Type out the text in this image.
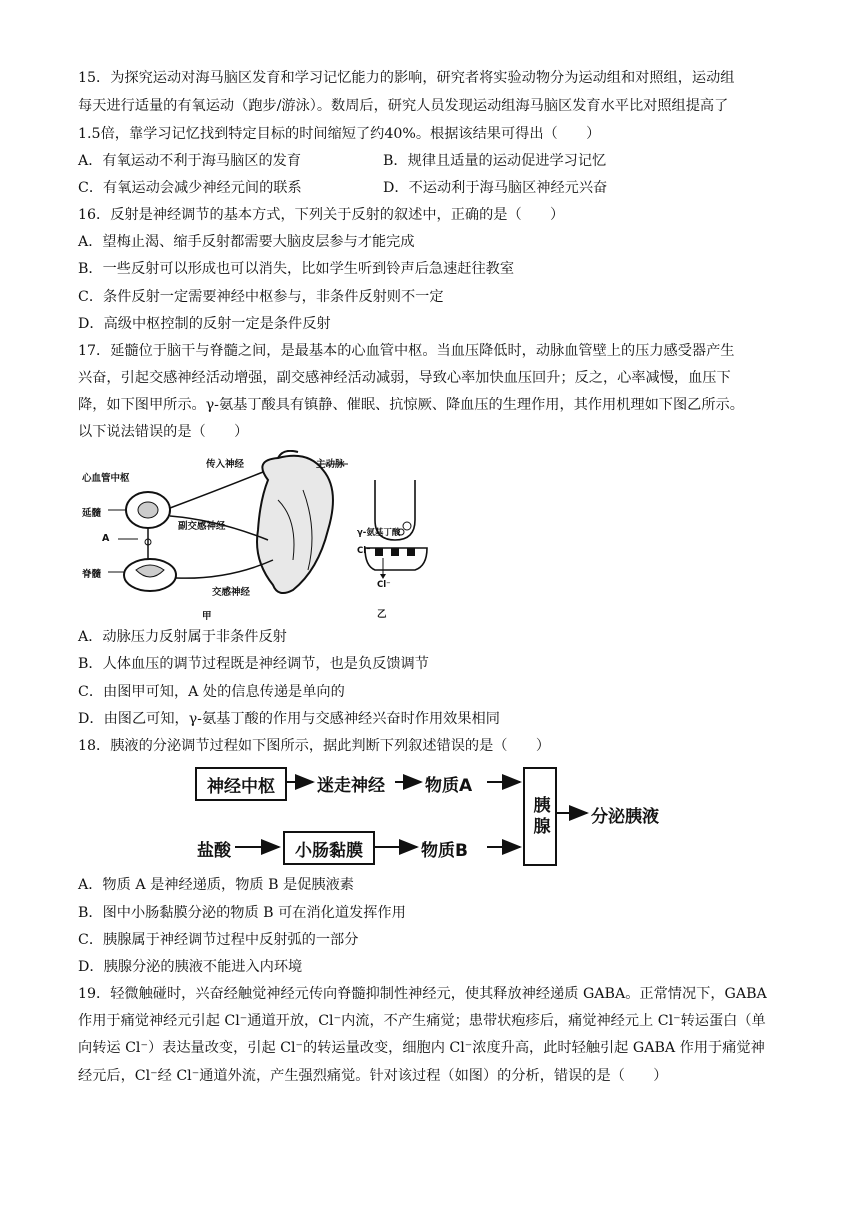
15．为探究运动对海马脑区发育和学习记忆能力的影响，研究者将实验动物分为运动组和对照组，运动组
每天进行适量的有氧运动（跑步/游泳）。数周后，研究人员发现运动组海马脑区发育水平比对照组提高了
1.5倍，靠学习记忆找到特定目标的时间缩短了约40%。根据该结果可得出（　　）
A．有氧运动不利于海马脑区的发育	B．规律且适量的运动促进学习记忆
C．有氧运动会减少神经元间的联系	D．不运动利于海马脑区神经元兴奋
16．反射是神经调节的基本方式，下列关于反射的叙述中，正确的是（　　）
A．望梅止渴、缩手反射都需要大脑皮层参与才能完成
B．一些反射可以形成也可以消失，比如学生听到铃声后急速赶往教室
C．条件反射一定需要神经中枢参与，非条件反射则不一定
D．高级中枢控制的反射一定是条件反射
17．延髓位于脑干与脊髓之间，是最基本的心血管中枢。当血压降低时，动脉血管壁上的压力感受器产生
兴奋，引起交感神经活动增强，副交感神经活动减弱，导致心率加快血压回升；反之，心率减慢，血压下
降，如下图甲所示。γ-氨基丁酸具有镇静、催眠、抗惊厥、降血压的生理作用，其作用机理如下图乙所示。
以下说法错误的是（　　）
心血管中枢
延髓
A
脊髓
传入神经	主动脉
副交感神经
交感神经
甲
γ-氨基丁酸
Cl⁻
Cl⁻
乙
A．动脉压力反射属于非条件反射
B．人体血压的调节过程既是神经调节，也是负反馈调节
C．由图甲可知，A 处的信息传递是单向的
D．由图乙可知，γ-氨基丁酸的作用与交感神经兴奋时作用效果相同
18．胰液的分泌调节过程如下图所示，据此判断下列叙述错误的是（　　）
神经中枢	迷走神经 物质A
胰腺	分泌胰液
盐酸	小肠黏膜	物质B
A．物质 A 是神经递质，物质 B 是促胰液素
B．图中小肠黏膜分泌的物质 B 可在消化道发挥作用
C．胰腺属于神经调节过程中反射弧的一部分
D．胰腺分泌的胰液不能进入内环境
19．轻微触碰时，兴奋经触觉神经元传向脊髓抑制性神经元，使其释放神经递质 GABA。正常情况下，GABA
作用于痛觉神经元引起 Cl⁻通道开放，Cl⁻内流，不产生痛觉；患带状疱疹后，痛觉神经元上 Cl⁻转运蛋白（单
向转运 Cl⁻）表达量改变，引起 Cl⁻的转运量改变，细胞内 Cl⁻浓度升高，此时轻触引起 GABA 作用于痛觉神
经元后，Cl⁻经 Cl⁻通道外流，产生强烈痛觉。针对该过程（如图）的分析，错误的是（　　）
